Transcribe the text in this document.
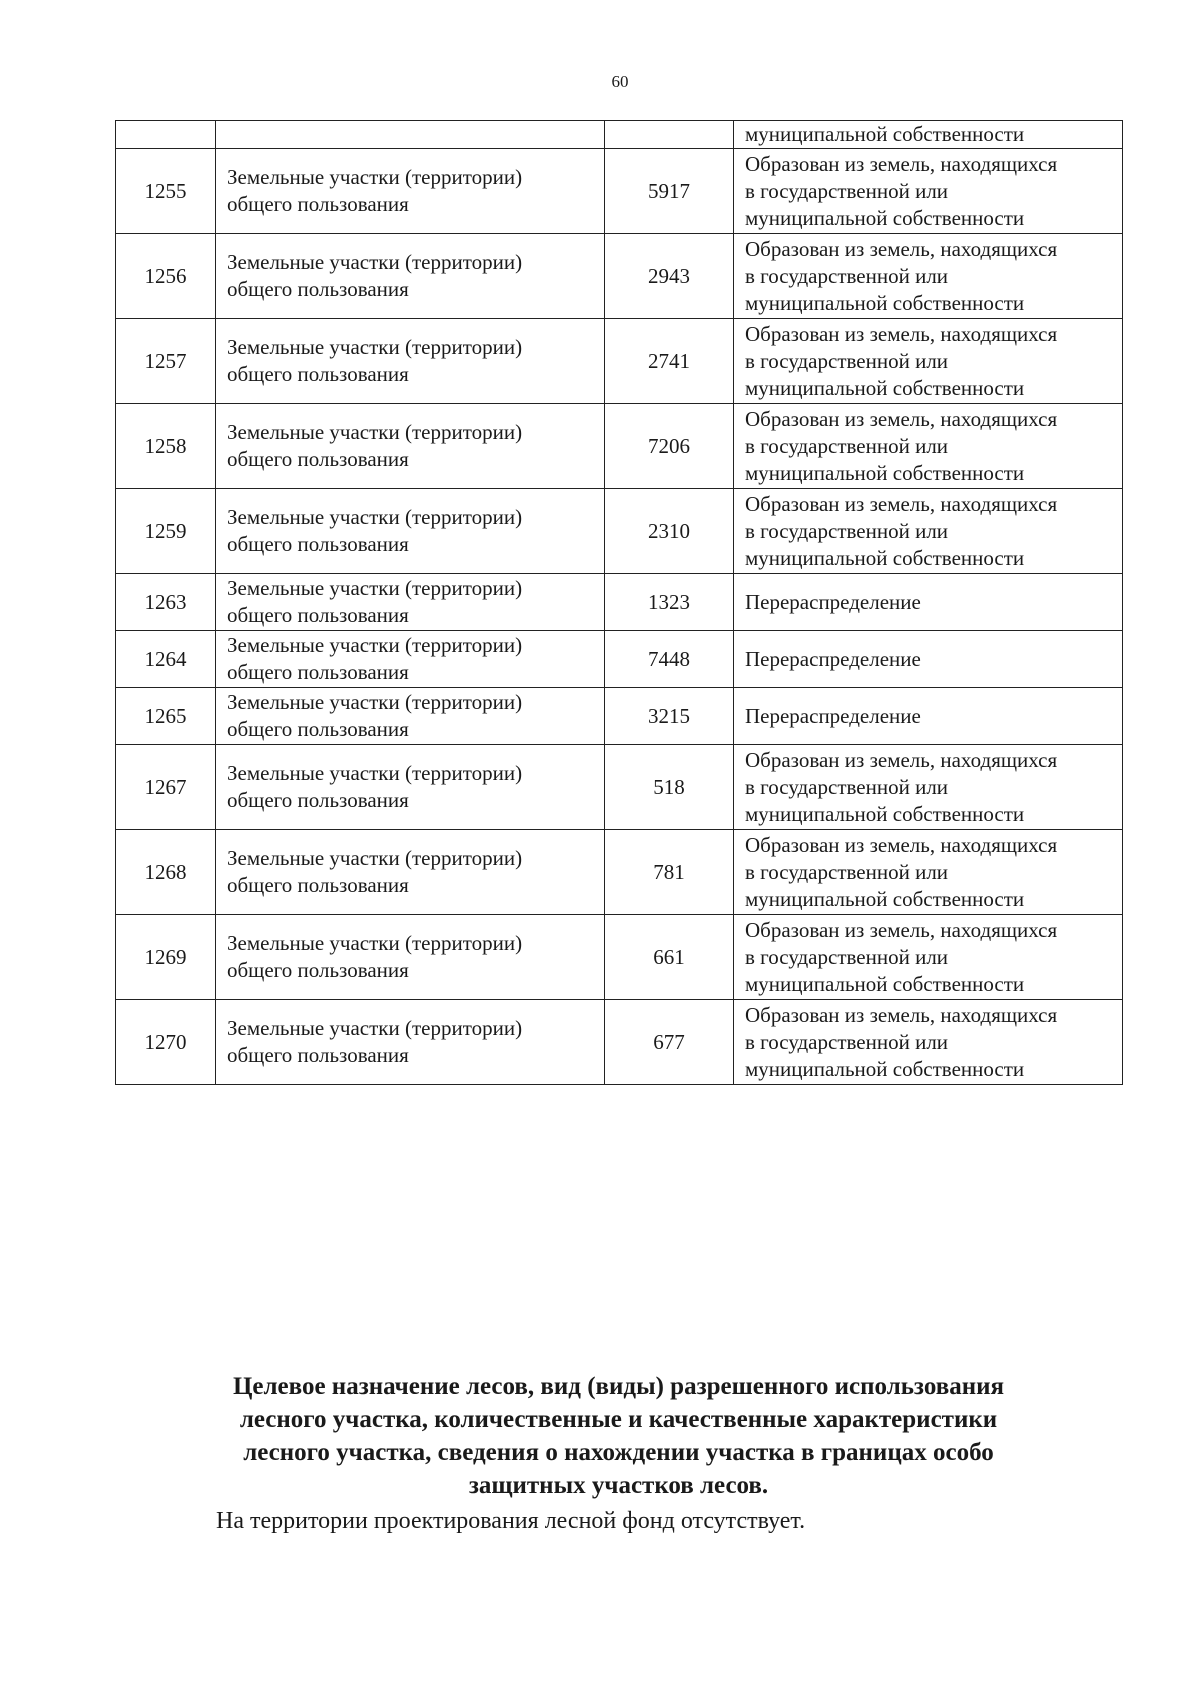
60

			муниципальной собственности

1255	Земельные участки (территории)
общего пользования	5917	Образован из земель, находящихся
в государственной или
муниципальной собственности

1256	Земельные участки (территории)
общего пользования	2943	Образован из земель, находящихся
в государственной или
муниципальной собственности

1257	Земельные участки (территории)
общего пользования	2741	Образован из земель, находящихся
в государственной или
муниципальной собственности

1258	Земельные участки (территории)
общего пользования	7206	Образован из земель, находящихся
в государственной или
муниципальной собственности

1259	Земельные участки (территории)
общего пользования	2310	Образован из земель, находящихся
в государственной или
муниципальной собственности

1263	Земельные участки (территории)
общего пользования	1323	Перераспределение

1264	Земельные участки (территории)
общего пользования	7448	Перераспределение

1265	Земельные участки (территории)
общего пользования	3215	Перераспределение

1267	Земельные участки (территории)
общего пользования	518	Образован из земель, находящихся
в государственной или
муниципальной собственности

1268	Земельные участки (территории)
общего пользования	781	Образован из земель, находящихся
в государственной или
муниципальной собственности

1269	Земельные участки (территории)
общего пользования	661	Образован из земель, находящихся
в государственной или
муниципальной собственности

1270	Земельные участки (территории)
общего пользования	677	Образован из земель, находящихся
в государственной или
муниципальной собственности
Целевое назначение лесов, вид (виды) разрешенного использования
лесного участка, количественные и качественные характеристики
лесного участка, сведения о нахождении участка в границах особо
защитных участков лесов.
На территории проектирования лесной фонд отсутствует.
